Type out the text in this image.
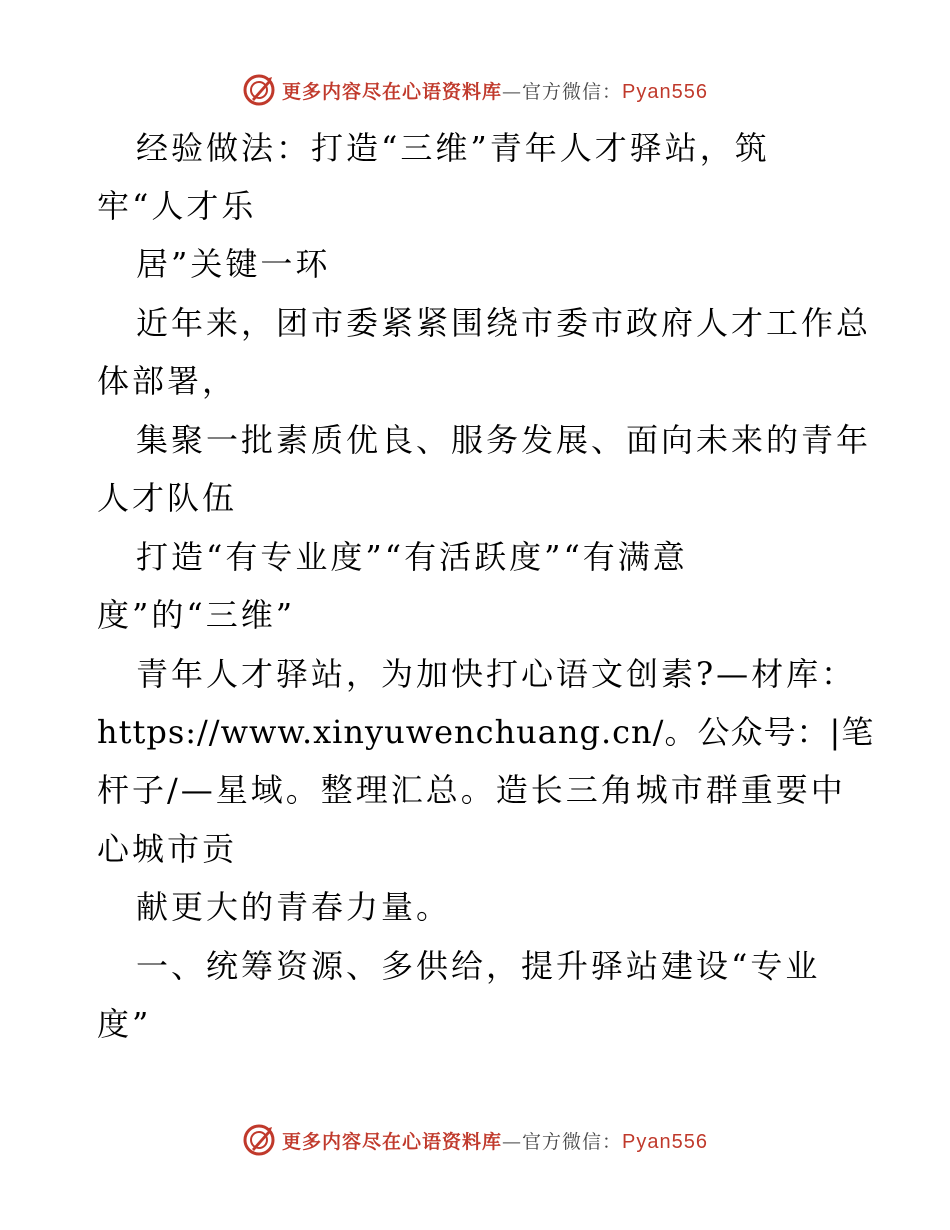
更多内容尽在心语资料库—官方微信：Pyan556
经验做法：打造“三维”青年人才驿站，筑
牢“人才乐
居”关键一环
近年来，团市委紧紧围绕市委市政府人才工作总
体部署，
集聚一批素质优良、服务发展、面向未来的青年
人才队伍
打造“有专业度”“有活跃度”“有满意
度”的“三维”
青年人才驿站，为加快打心语文创素?—材库：
https://www.xinyuwenchuang.cn/。公众号：|笔
杆子/—星域。整理汇总。造长三角城市群重要中
心城市贡
献更大的青春力量。
一、统筹资源、多供给，提升驿站建设“专业
度”
更多内容尽在心语资料库—官方微信：Pyan556
